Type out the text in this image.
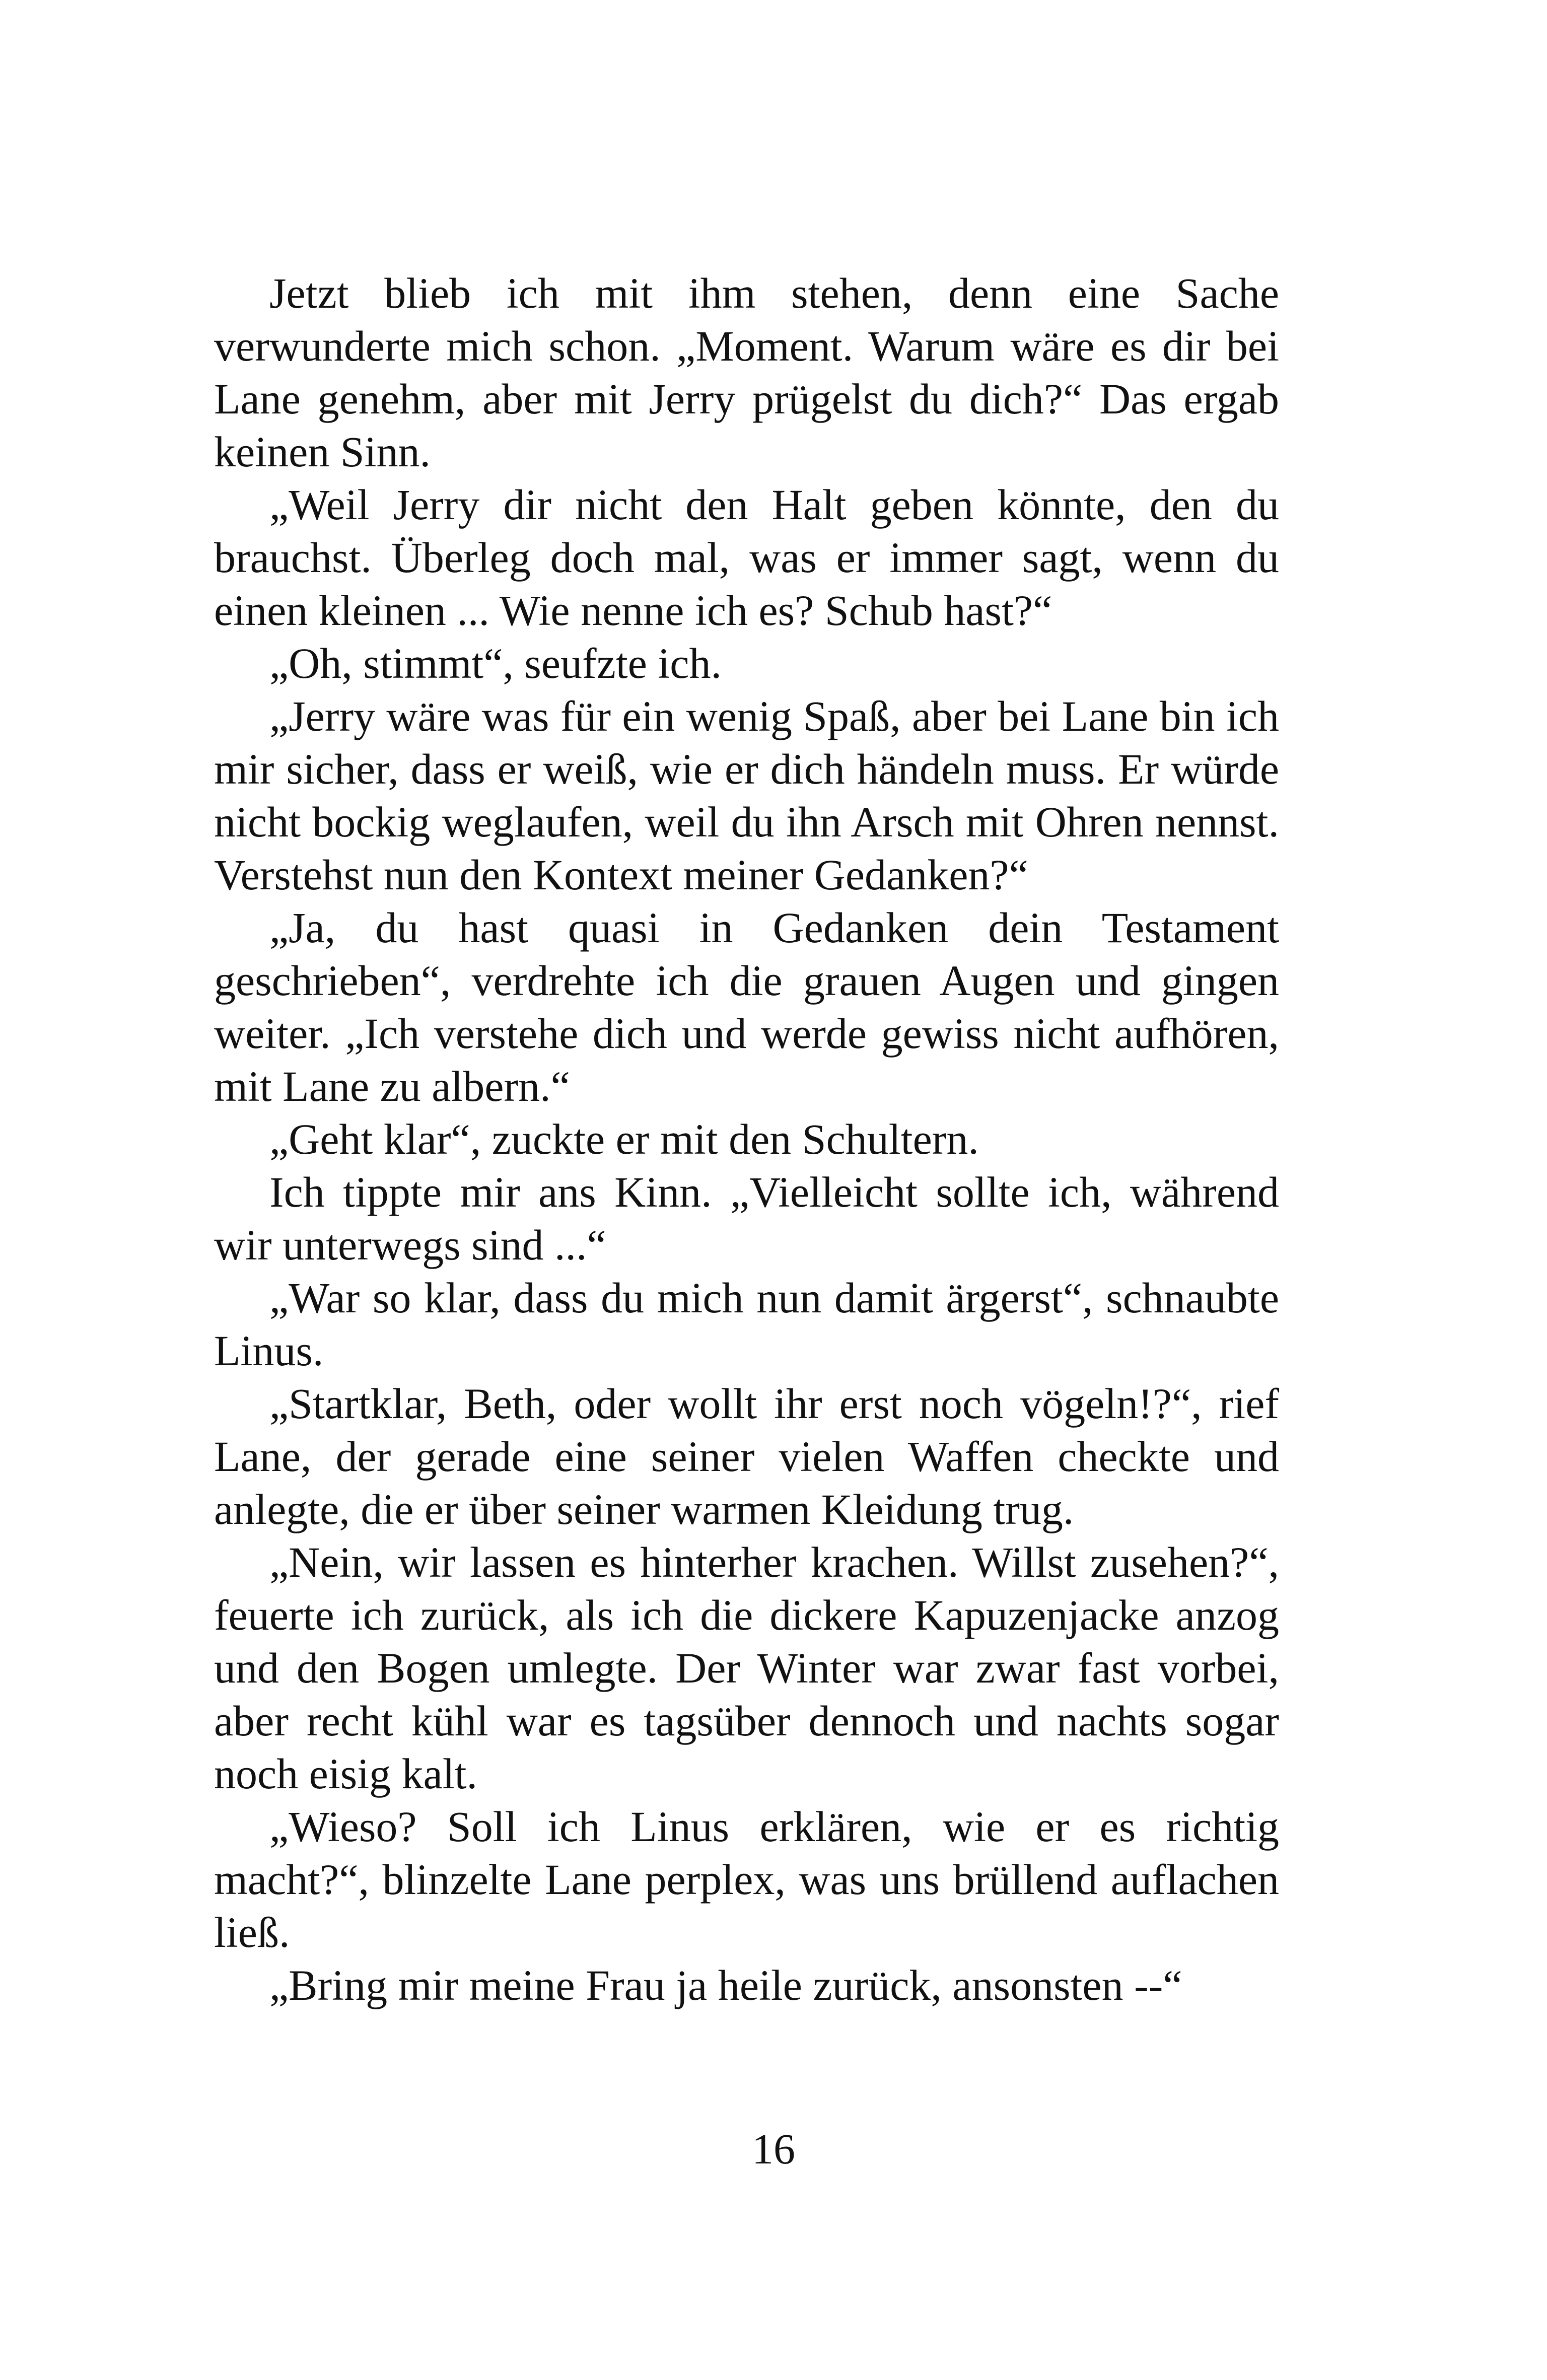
Jetzt blieb ich mit ihm stehen, denn eine Sache verwunderte mich schon. „Moment. Warum wäre es dir bei Lane genehm, aber mit Jerry prügelst du dich?“ Das ergab keinen Sinn.

„Weil Jerry dir nicht den Halt geben könnte, den du brauchst. Überleg doch mal, was er immer sagt, wenn du einen kleinen ... Wie nenne ich es? Schub hast?“

„Oh, stimmt“, seufzte ich.

„Jerry wäre was für ein wenig Spaß, aber bei Lane bin ich mir sicher, dass er weiß, wie er dich händeln muss. Er würde nicht bockig weglaufen, weil du ihn Arsch mit Ohren nennst. Verstehst nun den Kontext meiner Gedanken?“

„Ja, du hast quasi in Gedanken dein Testament geschrieben“, verdrehte ich die grauen Augen und gingen weiter. „Ich verstehe dich und werde gewiss nicht aufhören, mit Lane zu albern.“

„Geht klar“, zuckte er mit den Schultern.

Ich tippte mir ans Kinn. „Vielleicht sollte ich, während wir unterwegs sind ...“

„War so klar, dass du mich nun damit ärgerst“, schnaubte Linus.

„Startklar, Beth, oder wollt ihr erst noch vögeln!?“, rief Lane, der gerade eine seiner vielen Waffen checkte und anlegte, die er über seiner warmen Kleidung trug.

„Nein, wir lassen es hinterher krachen. Willst zusehen?“, feuerte ich zurück, als ich die dickere Kapuzenjacke anzog und den Bogen umlegte. Der Winter war zwar fast vorbei, aber recht kühl war es tagsüber dennoch und nachts sogar noch eisig kalt.

„Wieso? Soll ich Linus erklären, wie er es richtig macht?“, blinzelte Lane perplex, was uns brüllend auflachen ließ.

„Bring mir meine Frau ja heile zurück, ansonsten --“

16
